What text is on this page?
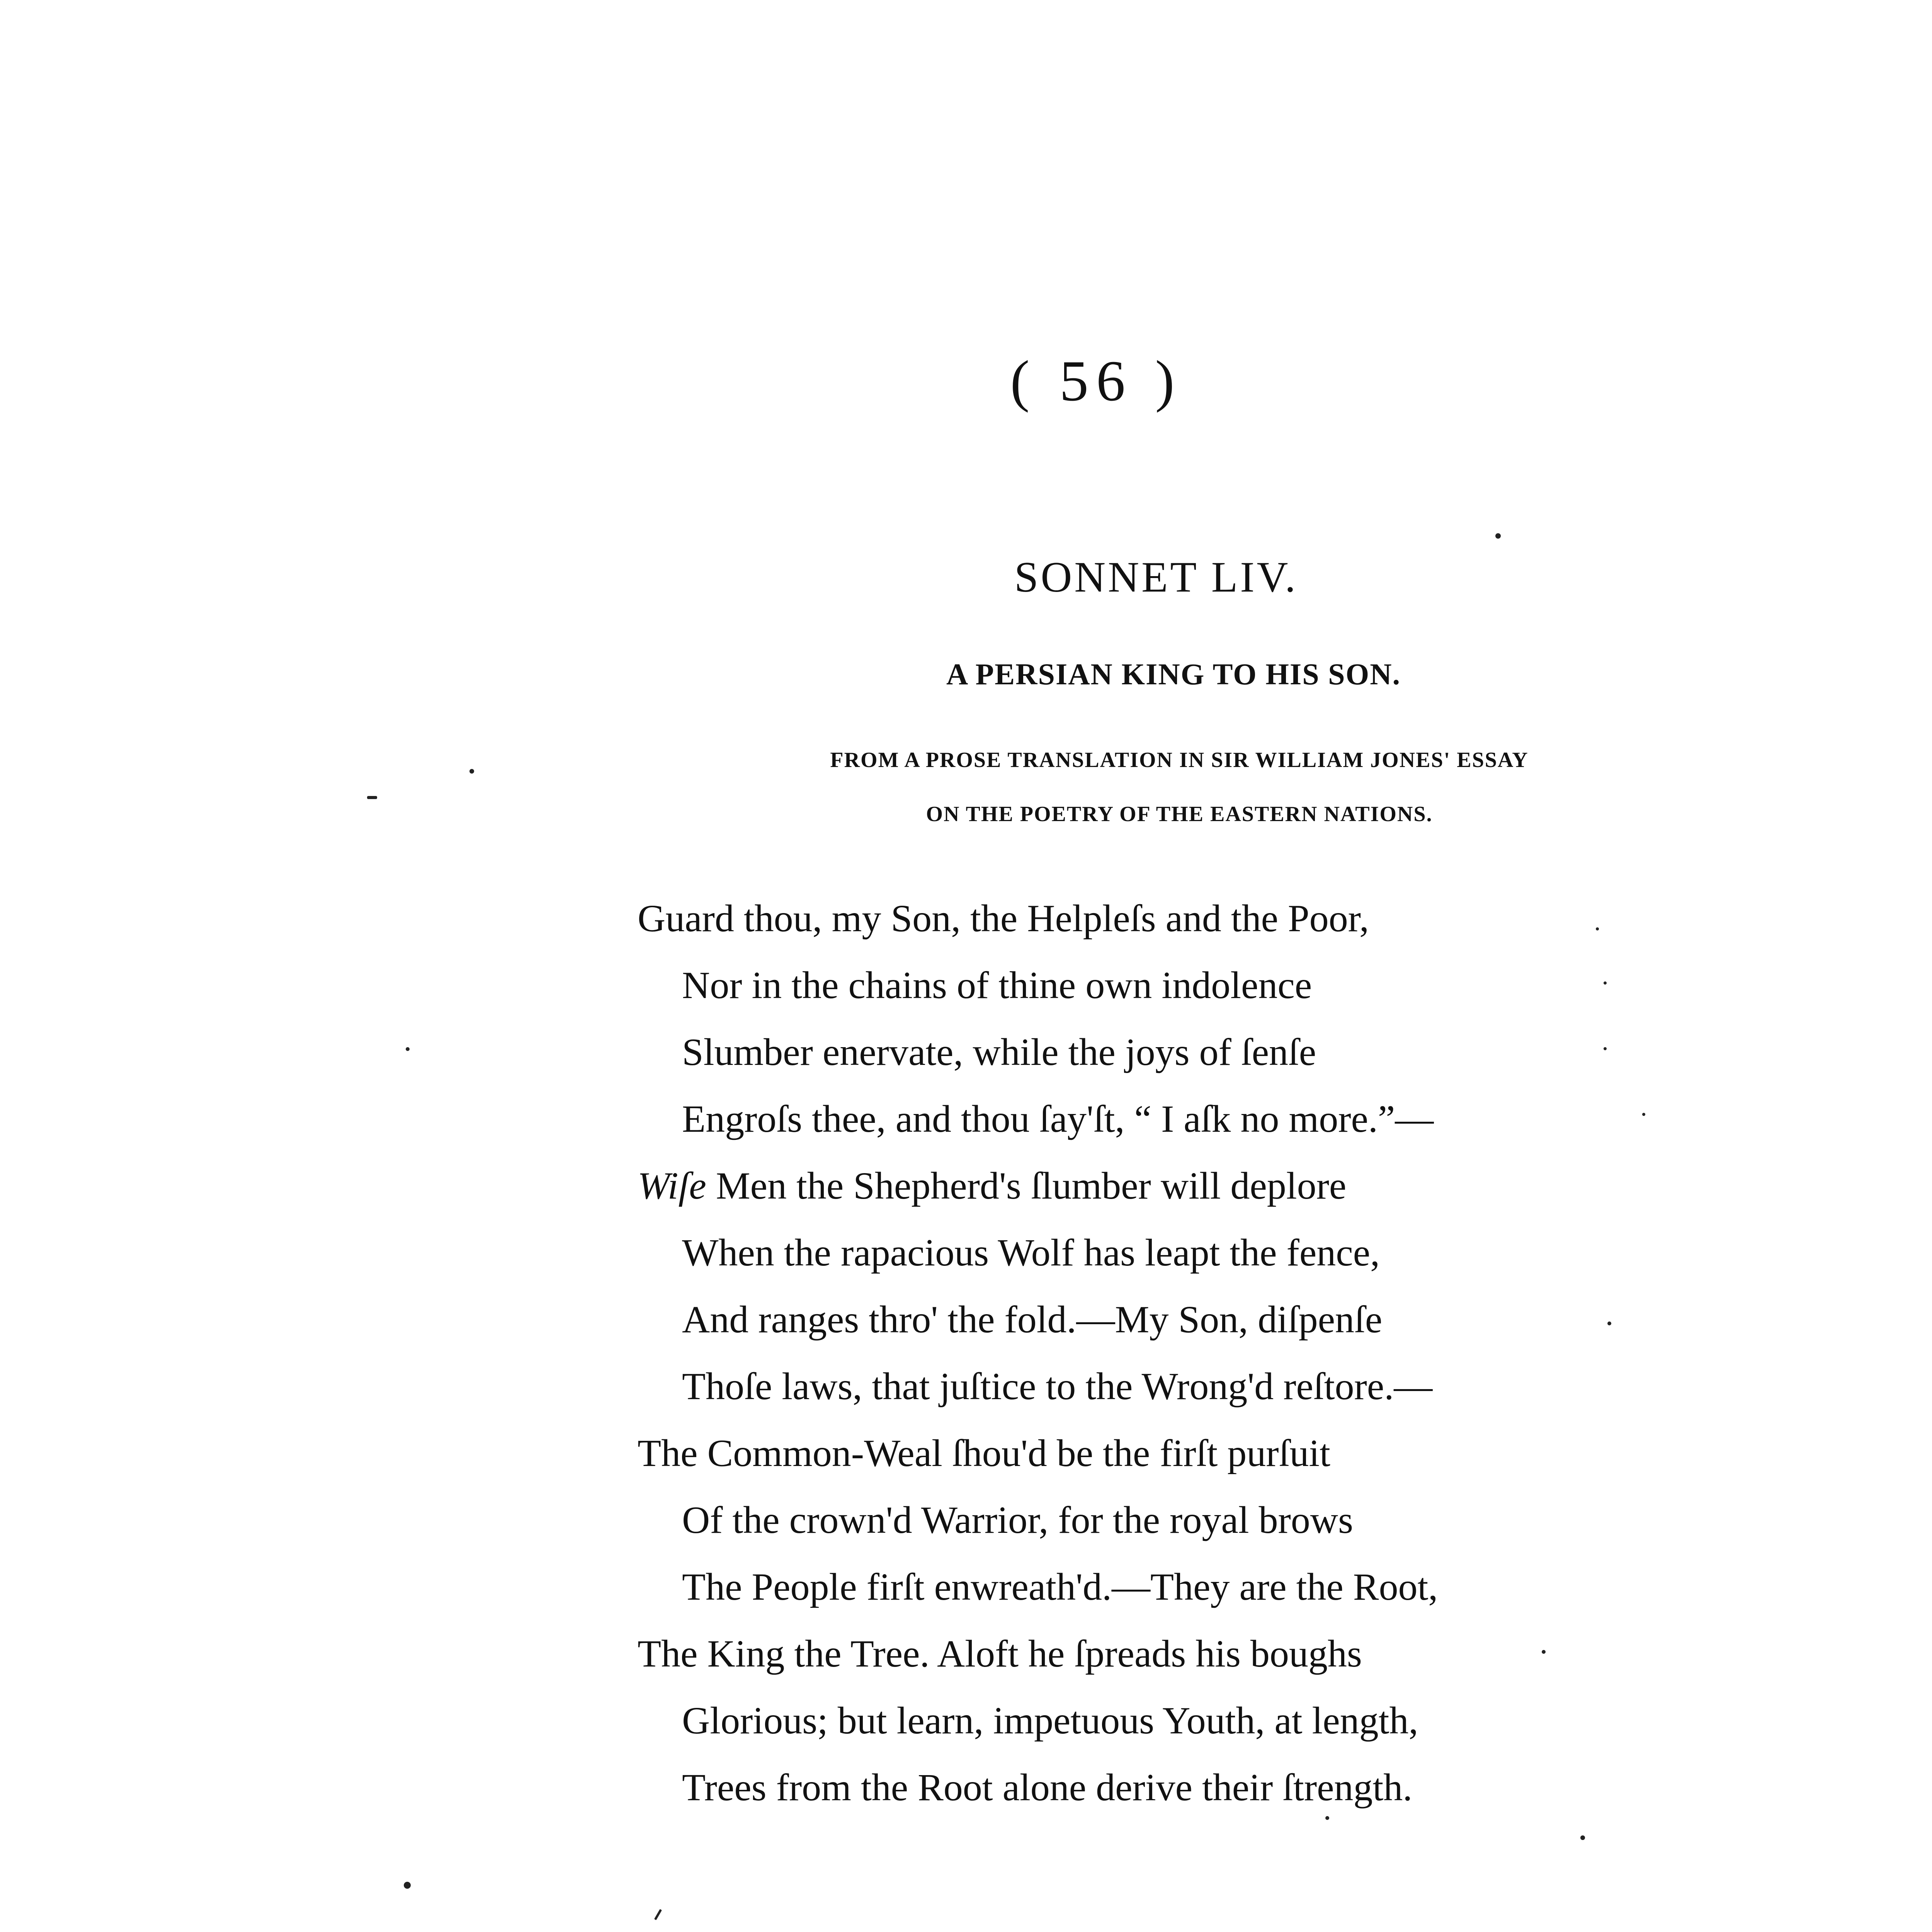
( 56 )
SONNET LIV.
A PERSIAN KING TO HIS SON.
FROM A PROSE TRANSLATION IN SIR WILLIAM JONES' ESSAY
ON THE POETRY OF THE EASTERN NATIONS.
Guard thou, my Son, the Helpleſs and the Poor,
Nor in the chains of thine own indolence
Slumber enervate, while the joys of ſenſe
Engroſs thee, and thou ſay'ſt, “ I aſk no more.”—
Wiſe Men the Shepherd's ſlumber will deplore
When the rapacious Wolf has leapt the fence,
And ranges thro' the fold.—My Son, diſpenſe
Thoſe laws, that juſtice to the Wrong'd reſtore.—
The Common-Weal ſhou'd be the firſt purſuit
Of the crown'd Warrior, for the royal brows
The People firſt enwreath'd.—They are the Root,
The King the Tree. Aloft he ſpreads his boughs
Glorious; but learn, impetuous Youth, at length,
Trees from the Root alone derive their ſtrength.
